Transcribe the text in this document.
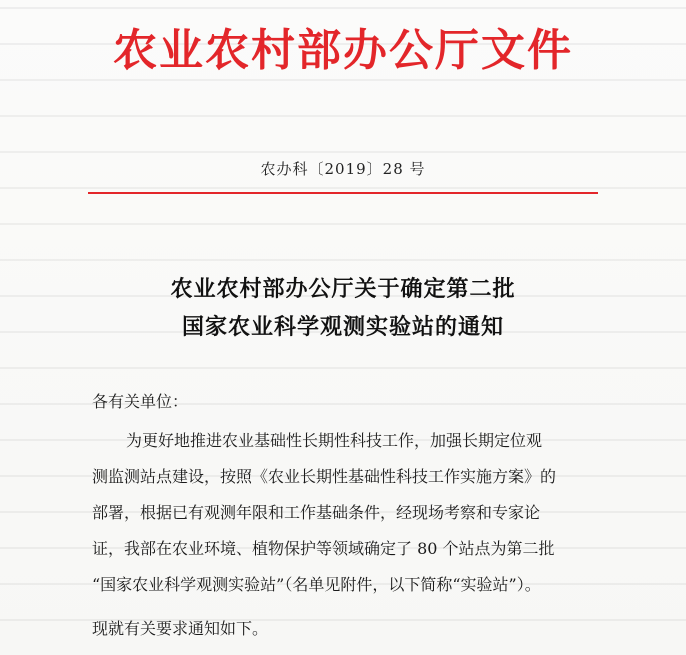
农业农村部办公厅文件
农办科〔2019〕28 号
农业农村部办公厅关于确定第二批
国家农业科学观测实验站的通知
各有关单位：
为更好地推进农业基础性长期性科技工作，加强长期定位观
测监测站点建设，按照《农业长期性基础性科技工作实施方案》的
部署，根据已有观测年限和工作基础条件，经现场考察和专家论
证，我部在农业环境、植物保护等领域确定了 80 个站点为第二批
“国家农业科学观测实验站”（名单见附件，以下简称“实验站”）。
现就有关要求通知如下。
